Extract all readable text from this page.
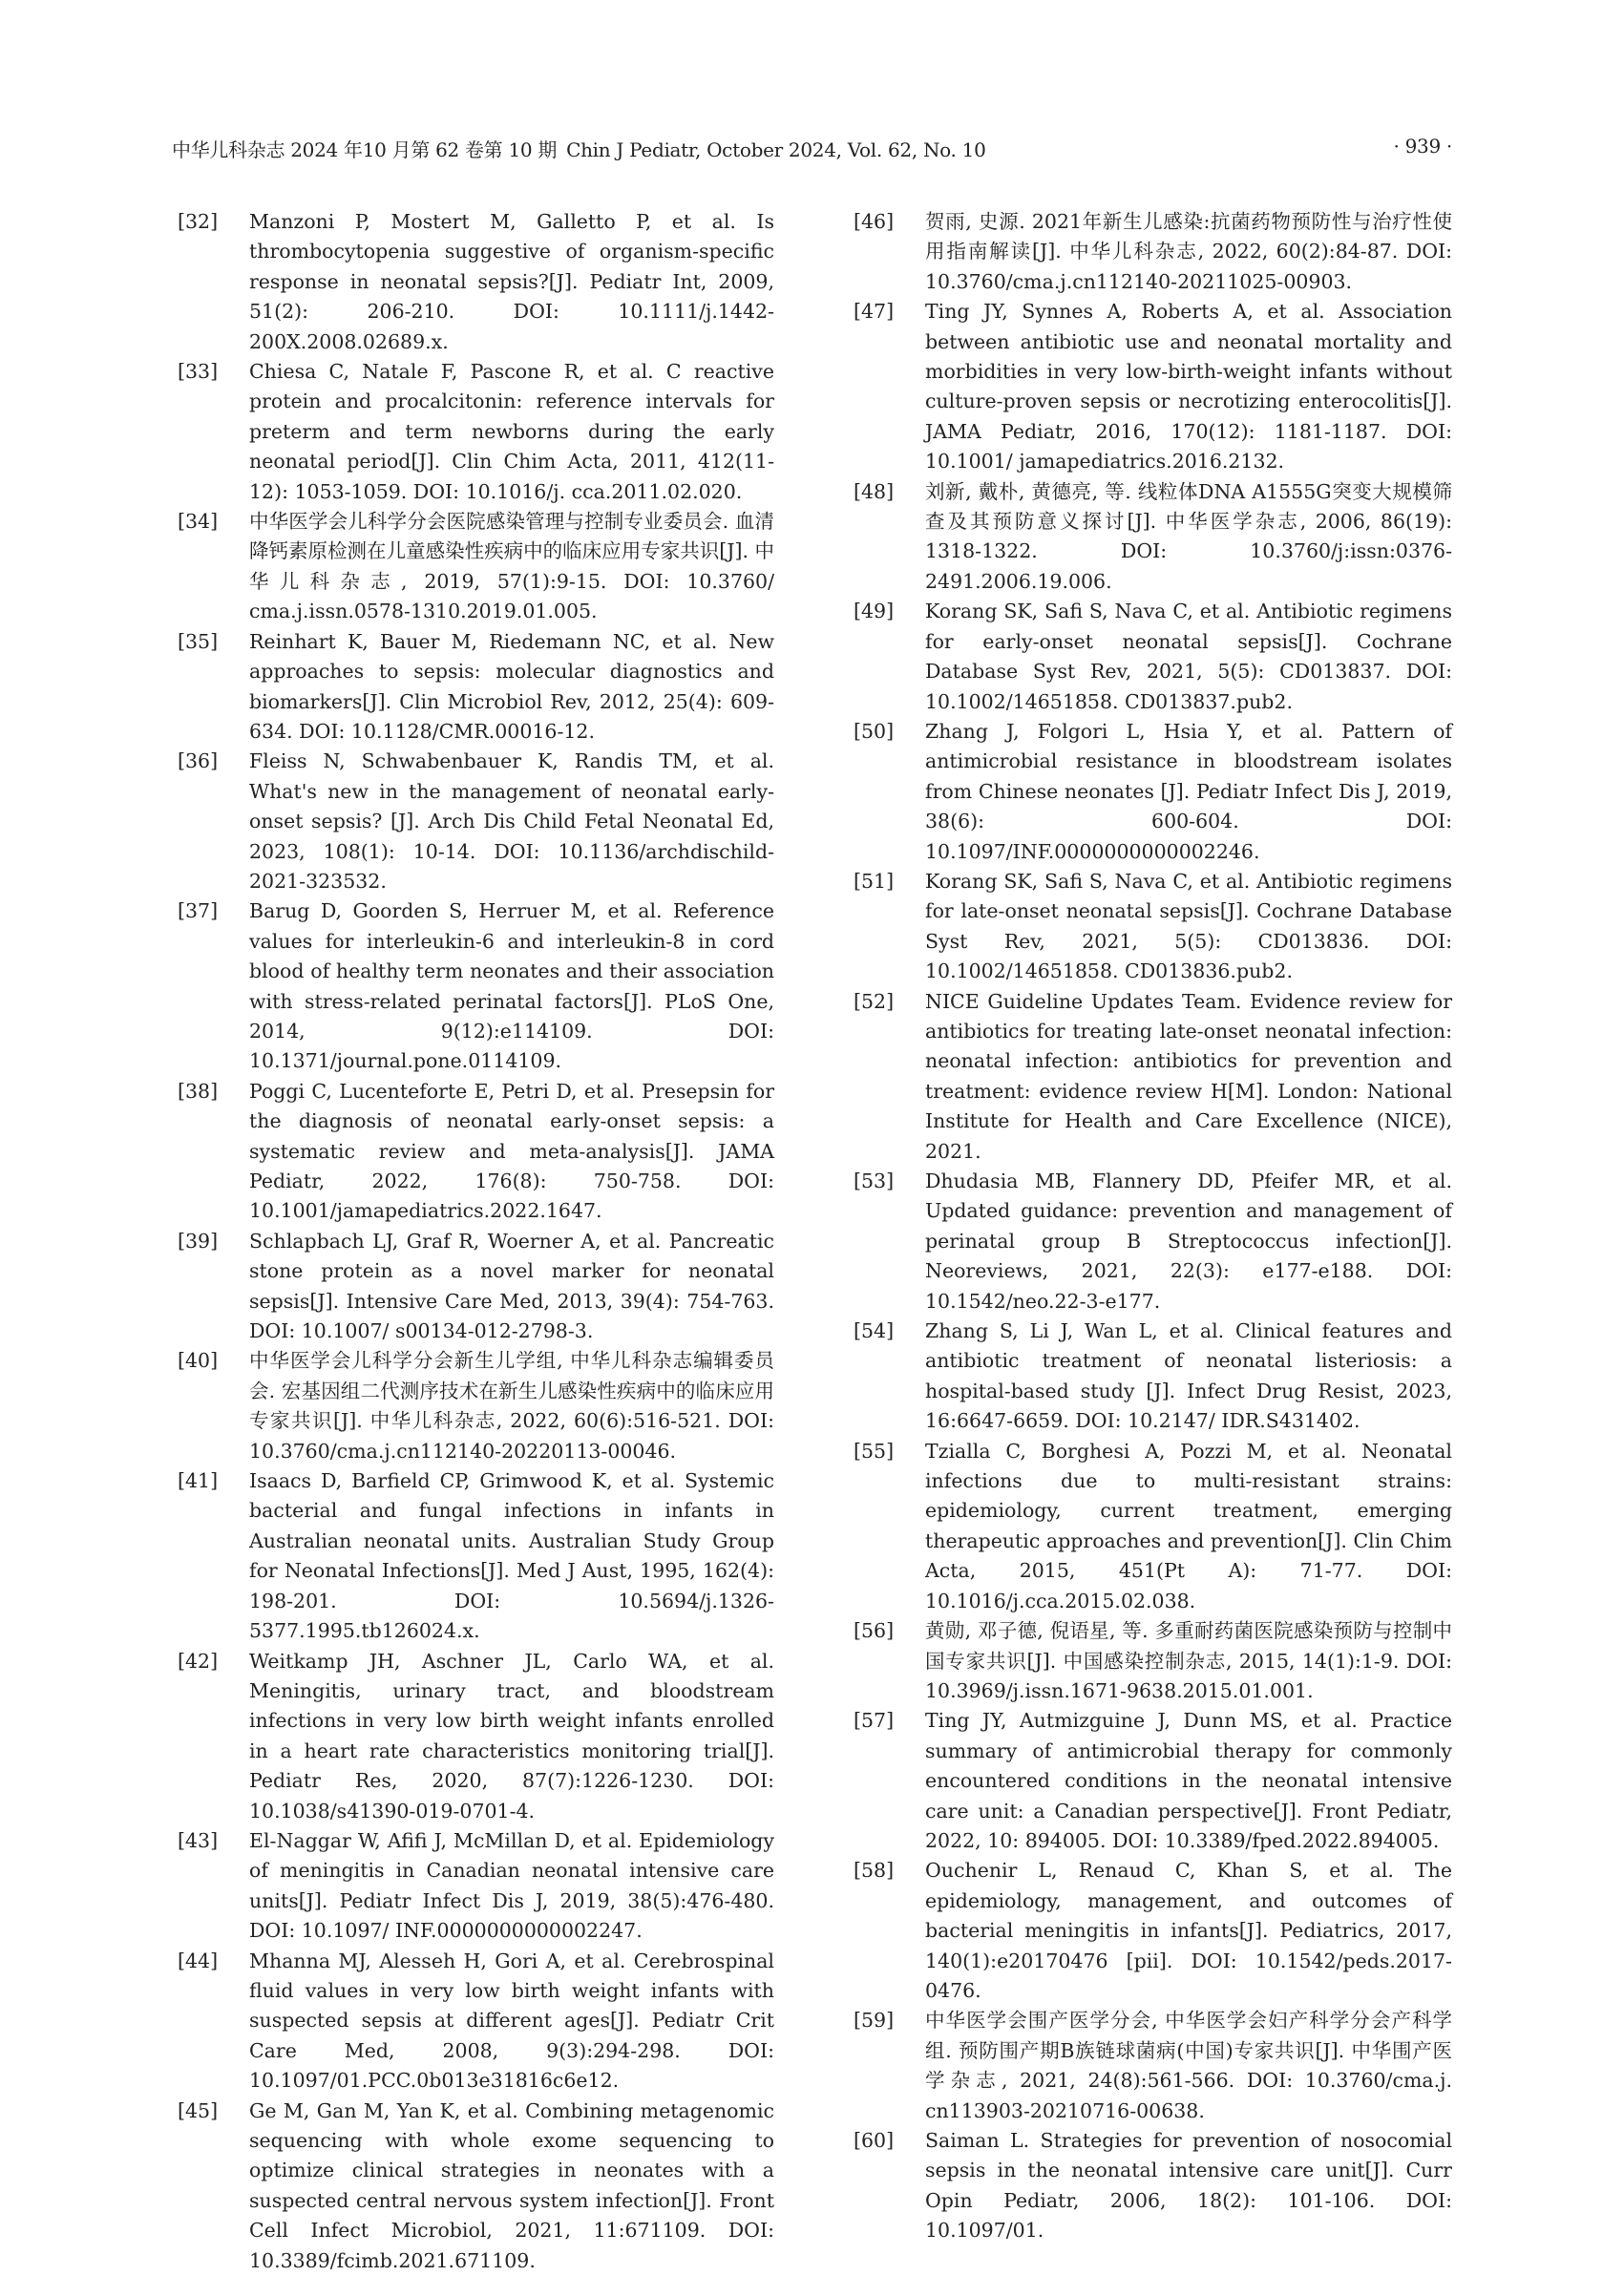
中华儿科杂志 2024 年10 月第 62 卷第 10 期 Chin J Pediatr, October 2024, Vol. 62, No. 10	· 939 ·
[32] Manzoni P, Mostert M, Galletto P, et al. Is thrombocytopenia suggestive of organism-specific response in neonatal sepsis?[J]. Pediatr Int, 2009, 51(2): 206-210. DOI: 10.1111/j.1442-200X.2008.02689.x.
[33] Chiesa C, Natale F, Pascone R, et al. C reactive protein and procalcitonin: reference intervals for preterm and term newborns during the early neonatal period[J]. Clin Chim Acta, 2011, 412(11-12): 1053-1059. DOI: 10.1016/j. cca.2011.02.020.
[34] 中华医学会儿科学分会医院感染管理与控制专业委员会. 血清降钙素原检测在儿童感染性疾病中的临床应用专家共识[J]. 中华儿科杂志, 2019, 57(1):9-15. DOI: 10.3760/ cma.j.issn.0578-1310.2019.01.005.
[35] Reinhart K, Bauer M, Riedemann NC, et al. New approaches to sepsis: molecular diagnostics and biomarkers[J]. Clin Microbiol Rev, 2012, 25(4): 609-634. DOI: 10.1128/CMR.00016-12.
[36] Fleiss N, Schwabenbauer K, Randis TM, et al. What's new in the management of neonatal early-onset sepsis? [J]. Arch Dis Child Fetal Neonatal Ed, 2023, 108(1): 10-14. DOI: 10.1136/archdischild-2021-323532.
[37] Barug D, Goorden S, Herruer M, et al. Reference values for interleukin-6 and interleukin-8 in cord blood of healthy term neonates and their association with stress-related perinatal factors[J]. PLoS One, 2014, 9(12):e114109. DOI: 10.1371/journal.pone.0114109.
[38] Poggi C, Lucenteforte E, Petri D, et al. Presepsin for the diagnosis of neonatal early-onset sepsis: a systematic review and meta-analysis[J]. JAMA Pediatr, 2022, 176(8): 750-758. DOI: 10.1001/jamapediatrics.2022.1647.
[39] Schlapbach LJ, Graf R, Woerner A, et al. Pancreatic stone protein as a novel marker for neonatal sepsis[J]. Intensive Care Med, 2013, 39(4): 754-763. DOI: 10.1007/ s00134-012-2798-3.
[40] 中华医学会儿科学分会新生儿学组, 中华儿科杂志编辑委员会. 宏基因组二代测序技术在新生儿感染性疾病中的临床应用专家共识[J]. 中华儿科杂志, 2022, 60(6):516-521. DOI: 10.3760/cma.j.cn112140-20220113-00046.
[41] Isaacs D, Barfield CP, Grimwood K, et al. Systemic bacterial and fungal infections in infants in Australian neonatal units. Australian Study Group for Neonatal Infections[J]. Med J Aust, 1995, 162(4): 198-201. DOI: 10.5694/j.1326-5377.1995.tb126024.x.
[42] Weitkamp JH, Aschner JL, Carlo WA, et al. Meningitis, urinary tract, and bloodstream infections in very low birth weight infants enrolled in a heart rate characteristics monitoring trial[J]. Pediatr Res, 2020, 87(7):1226-1230. DOI: 10.1038/s41390-019-0701-4.
[43] El-Naggar W, Afifi J, McMillan D, et al. Epidemiology of meningitis in Canadian neonatal intensive care units[J]. Pediatr Infect Dis J, 2019, 38(5):476-480. DOI: 10.1097/ INF.0000000000002247.
[44] Mhanna MJ, Alesseh H, Gori A, et al. Cerebrospinal fluid values in very low birth weight infants with suspected sepsis at different ages[J]. Pediatr Crit Care Med, 2008, 9(3):294-298. DOI: 10.1097/01.PCC.0b013e31816c6e12.
[45] Ge M, Gan M, Yan K, et al. Combining metagenomic sequencing with whole exome sequencing to optimize clinical strategies in neonates with a suspected central nervous system infection[J]. Front Cell Infect Microbiol, 2021, 11:671109. DOI: 10.3389/fcimb.2021.671109.
[46] 贺雨, 史源. 2021年新生儿感染:抗菌药物预防性与治疗性使用指南解读[J]. 中华儿科杂志, 2022, 60(2):84-87. DOI: 10.3760/cma.j.cn112140-20211025-00903.
[47] Ting JY, Synnes A, Roberts A, et al. Association between antibiotic use and neonatal mortality and morbidities in very low-birth-weight infants without culture-proven sepsis or necrotizing enterocolitis[J]. JAMA Pediatr, 2016, 170(12): 1181-1187. DOI: 10.1001/ jamapediatrics.2016.2132.
[48] 刘新, 戴朴, 黄德亮, 等. 线粒体DNA A1555G突变大规模筛查及其预防意义探讨[J]. 中华医学杂志, 2006, 86(19): 1318-1322. DOI: 10.3760/j:issn:0376-2491.2006.19.006.
[49] Korang SK, Safi S, Nava C, et al. Antibiotic regimens for early-onset neonatal sepsis[J]. Cochrane Database Syst Rev, 2021, 5(5): CD013837. DOI: 10.1002/14651858. CD013837.pub2.
[50] Zhang J, Folgori L, Hsia Y, et al. Pattern of antimicrobial resistance in bloodstream isolates from Chinese neonates [J]. Pediatr Infect Dis J, 2019, 38(6): 600-604. DOI: 10.1097/INF.0000000000002246.
[51] Korang SK, Safi S, Nava C, et al. Antibiotic regimens for late-onset neonatal sepsis[J]. Cochrane Database Syst Rev, 2021, 5(5): CD013836. DOI: 10.1002/14651858. CD013836.pub2.
[52] NICE Guideline Updates Team. Evidence review for antibiotics for treating late-onset neonatal infection: neonatal infection: antibiotics for prevention and treatment: evidence review H[M]. London: National Institute for Health and Care Excellence (NICE), 2021.
[53] Dhudasia MB, Flannery DD, Pfeifer MR, et al. Updated guidance: prevention and management of perinatal group B Streptococcus infection[J]. Neoreviews, 2021, 22(3): e177-e188. DOI: 10.1542/neo.22-3-e177.
[54] Zhang S, Li J, Wan L, et al. Clinical features and antibiotic treatment of neonatal listeriosis: a hospital-based study [J]. Infect Drug Resist, 2023, 16:6647-6659. DOI: 10.2147/ IDR.S431402.
[55] Tzialla C, Borghesi A, Pozzi M, et al. Neonatal infections due to multi-resistant strains: epidemiology, current treatment, emerging therapeutic approaches and prevention[J]. Clin Chim Acta, 2015, 451(Pt A): 71-77. DOI: 10.1016/j.cca.2015.02.038.
[56] 黄勋, 邓子德, 倪语星, 等. 多重耐药菌医院感染预防与控制中国专家共识[J]. 中国感染控制杂志, 2015, 14(1):1-9. DOI: 10.3969/j.issn.1671-9638.2015.01.001.
[57] Ting JY, Autmizguine J, Dunn MS, et al. Practice summary of antimicrobial therapy for commonly encountered conditions in the neonatal intensive care unit: a Canadian perspective[J]. Front Pediatr, 2022, 10: 894005. DOI: 10.3389/fped.2022.894005.
[58] Ouchenir L, Renaud C, Khan S, et al. The epidemiology, management, and outcomes of bacterial meningitis in infants[J]. Pediatrics, 2017, 140(1):e20170476 [pii]. DOI: 10.1542/peds.2017-0476.
[59] 中华医学会围产医学分会, 中华医学会妇产科学分会产科学组. 预防围产期B族链球菌病(中国)专家共识[J]. 中华围产医学杂志, 2021, 24(8):561-566. DOI: 10.3760/cma.j. cn113903-20210716-00638.
[60] Saiman L. Strategies for prevention of nosocomial sepsis in the neonatal intensive care unit[J]. Curr Opin Pediatr, 2006, 18(2): 101-106. DOI: 10.1097/01.
